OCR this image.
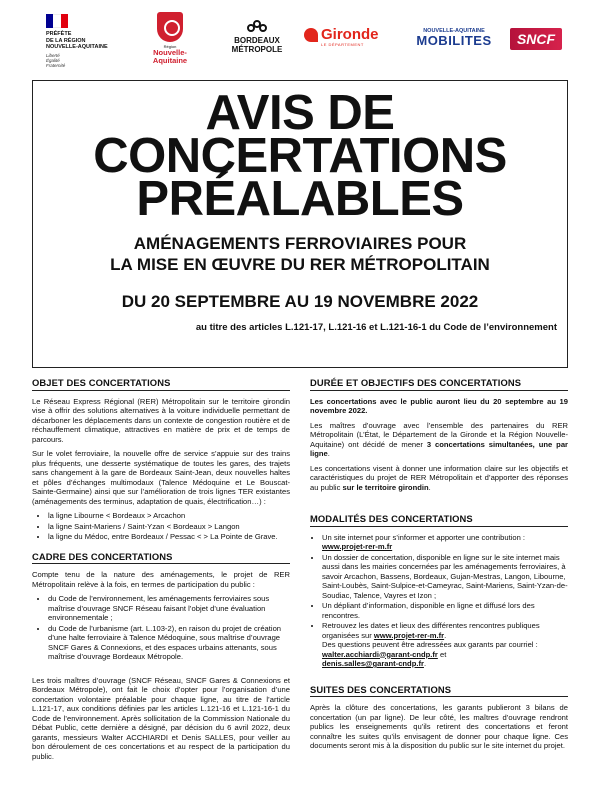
PRÉFÈTE
DE LA RÉGION
NOUVELLE-AQUITAINE
Liberté
Égalité
Fraternité
Région
Nouvelle-
Aquitaine
BORDEAUX
MÉTROPOLE
Gironde
LE DÉPARTEMENT
NOUVELLE-AQUITAINE
MOBILITES	SNCF
AVIS DE
CONCERTATIONS
PRÉALABLES
AMÉNAGEMENTS FERROVIAIRES POUR
LA MISE EN ŒUVRE DU RER MÉTROPOLITAIN
DU 20 SEPTEMBRE AU 19 NOVEMBRE 2022
au titre des articles L.121-17, L.121-16 et L.121-16-1 du Code de l’environnement
OBJET DES CONCERTATIONS

Le Réseau Express Régional (RER) Métropolitain sur le territoire girondin vise à offrir des solutions alternatives à la voiture individuelle permettant de décarboner les déplacements dans un contexte de congestion routière et de réchauffement climatique, attractives en matière de prix et de temps de parcours.

Sur le volet ferroviaire, la nouvelle offre de service s’appuie sur des trains plus fréquents, une desserte systématique de toutes les gares, des trajets sans changement à la gare de Bordeaux Saint-Jean, deux nouvelles haltes et pôles d’échanges multimodaux (Talence Médoquine et Le Bouscat-Sainte-Germaine) ainsi que sur l’amélioration de trois lignes TER existantes (aménagements des terminus, adaptation de quais, électrification…) :

• la ligne Libourne < Bordeaux > Arcachon
• la ligne Saint-Mariens / Saint-Yzan < Bordeaux > Langon
• la ligne du Médoc, entre Bordeaux / Pessac < > La Pointe de Grave.
CADRE DES CONCERTATIONS

Compte tenu de la nature des aménagements, le projet de RER Métropolitain relève à la fois, en termes de participation du public :

• du Code de l’environnement, les aménagements ferroviaires sous maîtrise d’ouvrage SNCF Réseau faisant l’objet d’une évaluation environnementale ;
• du Code de l’urbanisme (art. L.103-2), en raison du projet de création d’une halte ferroviaire à Talence Médoquine, sous maîtrise d’ouvrage SNCF Gares & Connexions, et des espaces urbains attenants, sous maîtrise d’ouvrage Bordeaux Métropole.

Les trois maîtres d’ouvrage (SNCF Réseau, SNCF Gares & Connexions et Bordeaux Métropole), ont fait le choix d’opter pour l’organisation d’une concertation volontaire préalable pour chaque ligne, au titre de l’article L.121-17, aux conditions définies par les articles L.121-16 et L.121-16-1 du Code de l’environnement. Après sollicitation de la Commission Nationale du Débat Public, cette dernière a désigné, par décision du 6 avril 2022, deux garants, messieurs Walter ACCHIARDI et Denis SALLES, pour veiller au bon déroulement de ces concertations et au respect de la participation du public.

DURÉE ET OBJECTIFS DES CONCERTATIONS

Les concertations avec le public auront lieu du 20 septembre au 19 novembre 2022.

Les maîtres d’ouvrage avec l’ensemble des partenaires du RER Métropolitain (L’État, le Département de la Gironde et la Région Nouvelle-Aquitaine) ont décidé de mener 3 concertations simultanées, une par ligne.

Les concertations visent à donner une information claire sur les objectifs et caractéristiques du projet de RER Métropolitain et d’apporter des réponses au public sur le territoire girondin.

MODALITÉS DES CONCERTATIONS
• Un site internet pour s’informer et apporter une contribution :
www.projet-rer-m.fr
• Un dossier de concertation, disponible en ligne sur le site internet mais aussi dans les mairies concernées par les aménagements ferroviaires, à savoir Arcachon, Bassens, Bordeaux, Gujan-Mestras, Langon, Libourne, Saint-Loubès, Saint-Sulpice-et-Cameyrac, Saint-Mariens, Saint-Yzan-de-Soudiac, Talence, Vayres et Izon ;
• Un dépliant d’information, disponible en ligne et diffusé lors des rencontres.
• Retrouvez les dates et lieux des différentes rencontres publiques organisées sur www.projet-rer-m.fr.
Des questions peuvent être adressées aux garants par courriel : walter.acchiardi@garant-cndp.fr et
denis.salles@garant-cndp.fr.
SUITES DES CONCERTATIONS

Après la clôture des concertations, les garants publieront 3 bilans de concertation (un par ligne). De leur côté, les maîtres d’ouvrage rendront publics les enseignements qu’ils retirent des concertations et feront connaître les suites qu’ils envisagent de donner pour chaque ligne. Ces documents seront mis à la disposition du public sur le site internet du projet.
